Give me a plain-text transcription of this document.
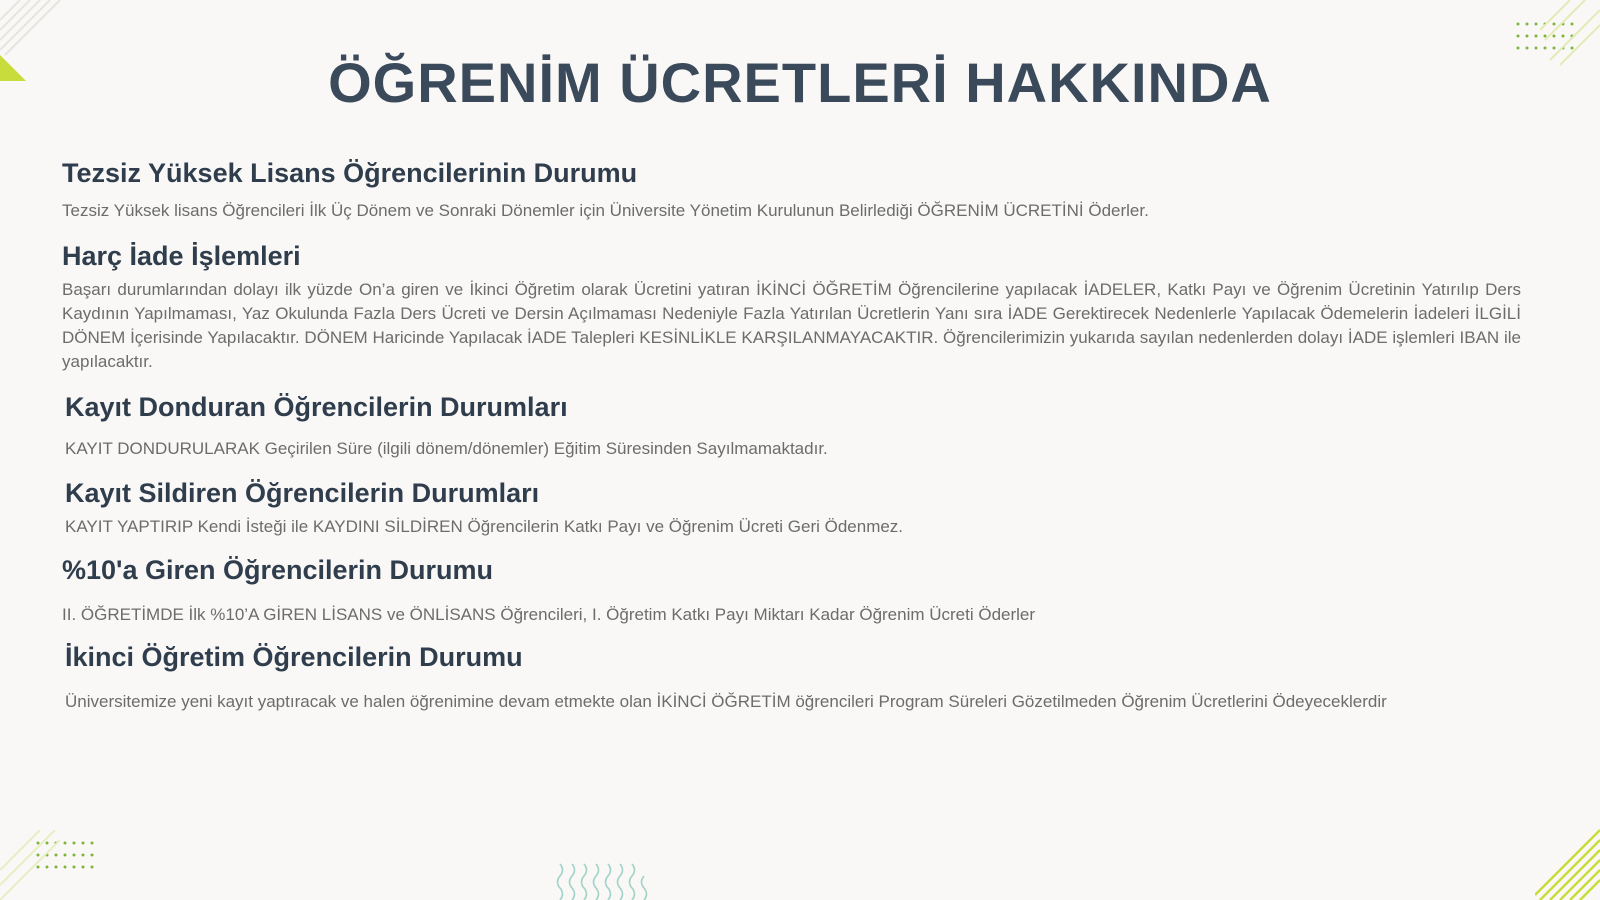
ÖĞRENİM ÜCRETLERİ HAKKINDA
Tezsiz Yüksek Lisans Öğrencilerinin Durumu

Tezsiz Yüksek lisans Öğrencileri İlk Üç Dönem ve Sonraki Dönemler için Üniversite Yönetim Kurulunun Belirlediği ÖĞRENİM ÜCRETİNİ Öderler.

Harç İade İşlemleri

Başarı durumlarından dolayı ilk yüzde On’a giren ve İkinci Öğretim olarak Ücretini yatıran İKİNCİ ÖĞRETİM Öğrencilerine yapılacak İADELER, Katkı Payı ve Öğrenim Ücretinin Yatırılıp Ders Kaydının Yapılmaması, Yaz Okulunda Fazla Ders Ücreti ve Dersin Açılmaması Nedeniyle Fazla Yatırılan Ücretlerin Yanı sıra İADE Gerektirecek Nedenlerle Yapılacak Ödemelerin İadeleri İLGİLİ DÖNEM İçerisinde Yapılacaktır. DÖNEM Haricinde Yapılacak İADE Talepleri KESİNLİKLE KARŞILANMAYACAKTIR. Öğrencilerimizin yukarıda sayılan nedenlerden dolayı İADE işlemleri IBAN ile yapılacaktır.

Kayıt Donduran Öğrencilerin Durumları

KAYIT DONDURULARAK Geçirilen Süre (ilgili dönem/dönemler) Eğitim Süresinden Sayılmamaktadır.

Kayıt Sildiren Öğrencilerin Durumları

KAYIT YAPTIRIP Kendi İsteği ile KAYDINI SİLDİREN Öğrencilerin Katkı Payı ve Öğrenim Ücreti Geri Ödenmez.

%10'a Giren Öğrencilerin Durumu

II. ÖĞRETİMDE İlk %10’A GİREN LİSANS ve ÖNLİSANS Öğrencileri, I. Öğretim Katkı Payı Miktarı Kadar Öğrenim Ücreti Öderler

İkinci Öğretim Öğrencilerin Durumu

Üniversitemize yeni kayıt yaptıracak ve halen öğrenimine devam etmekte olan İKİNCİ ÖĞRETİM öğrencileri Program Süreleri Gözetilmeden Öğrenim Ücretlerini Ödeyeceklerdir
